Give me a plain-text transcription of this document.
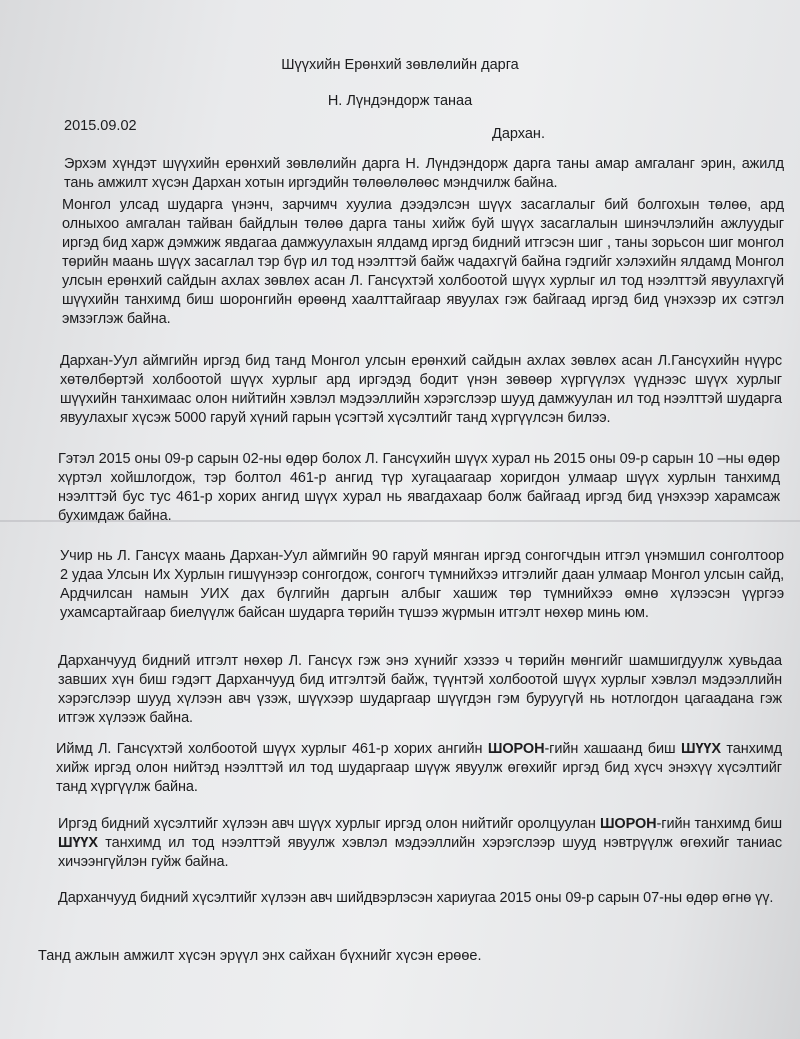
Шүүхийн Ерөнхий зөвлөлийн дарга
Н. Лүндэндорж танаа
2015.09.02	Дархан.

Эрхэм хүндэт шүүхийн ерөнхий зөвлөлийн дарга Н. Лүндэндорж дарга таны амар амгаланг эрин, ажилд тань амжилт хүсэн Дархан хотын иргэдийн төлөөлөлөөс мэндчилж байна.

Монгол улсад шударга үнэнч, зарчимч хуулиа дээдэлсэн шүүх засаглалыг бий болгохын төлөө, ард олныхоо амгалан тайван байдлын төлөө дарга таны хийж буй шүүх засаглалын шинэчлэлийн ажлуудыг иргэд бид харж дэмжиж явдагаа дамжуулахын ялдамд иргэд бидний итгэсэн шиг , таны зорьсон шиг монгол төрийн маань шүүх засаглал тэр бүр ил тод нээлттэй байж чадахгүй байна гэдгийг хэлэхийн ялдамд Монгол улсын ерөнхий сайдын ахлах зөвлөх асан Л. Гансүхтэй холбоотой шүүх хурлыг ил тод нээлттэй явуулахгүй шүүхийн танхимд биш шоронгийн өрөөнд хаалттайгаар явуулах гэж байгаад иргэд бид үнэхээр их сэтгэл эмзэглэж байна.

Дархан-Уул аймгийн иргэд бид танд Монгол улсын ерөнхий сайдын ахлах зөвлөх асан Л.Гансүхийн нүүрс хөтөлбөртэй холбоотой шүүх хурлыг ард иргэдэд бодит үнэн зөвөөр хүргүүлэх үүднээс шүүх хурлыг шүүхийн танхимаас олон нийтийн хэвлэл мэдээллийн хэрэгслээр шууд дамжуулан ил тод нээлттэй шударга явуулахыг хүсэж 5000 гаруй хүний гарын үсэгтэй хүсэлтийг танд хүргүүлсэн билээ.

Гэтэл 2015 оны 09-р сарын 02-ны өдөр болох Л. Гансүхийн шүүх хурал нь 2015 оны 09-р сарын 10 –ны өдөр хүртэл хойшлогдож, тэр болтол 461-р ангид түр хугацаагаар хоригдон улмаар шүүх хурлын танхимд нээлттэй бус тус 461-р хорих ангид шүүх хурал нь явагдахаар болж байгаад иргэд бид үнэхээр харамсаж бухимдаж байна.

Учир нь Л. Гансүх маань Дархан-Уул аймгийн 90 гаруй мянган иргэд сонгогчдын итгэл үнэмшил сонголтоор 2 удаа Улсын Их Хурлын гишүүнээр сонгогдож, сонгогч түмнийхээ итгэлийг даан улмаар Монгол улсын сайд, Ардчилсан намын УИХ дах бүлгийн даргын албыг хашиж төр түмнийхээ өмнө хүлээсэн үүргээ ухамсартайгаар биелүүлж байсан шударга төрийн түшээ жүрмын итгэлт нөхөр минь юм.

Дарханчууд бидний итгэлт нөхөр Л. Гансүх гэж энэ хүнийг хэзээ ч төрийн мөнгийг шамшигдуулж хувьдаа завших хүн биш гэдэгт Дарханчууд бид итгэлтэй байж, түүнтэй холбоотой шүүх хурлыг хэвлэл мэдээллийн хэрэгслээр шууд хүлээн авч үзэж, шүүхээр шударгаар шүүгдэн гэм буруугүй нь нотлогдон цагаадана гэж итгэж хүлээж байна.

Иймд Л. Гансүхтэй холбоотой шүүх хурлыг 461-р хорих ангийн ШОРОН-гийн хашаанд биш ШҮҮХ танхимд хийж иргэд олон нийтэд нээлттэй ил тод шударгаар шүүж явуулж өгөхийг иргэд бид хүсч энэхүү хүсэлтийг танд хүргүүлж байна.

Иргэд бидний хүсэлтийг хүлээн авч шүүх хурлыг иргэд олон нийтийг оролцуулан ШОРОН-гийн танхимд биш ШҮҮХ танхимд ил тод нээлттэй явуулж хэвлэл мэдээллийн хэрэгслээр шууд нэвтрүүлж өгөхийг таниас хичээнгүйлэн гуйж байна.

Дарханчууд бидний хүсэлтийг хүлээн авч шийдвэрлэсэн хариугаа 2015 оны 09-р сарын 07-ны өдөр өгнө үү.

Танд ажлын амжилт хүсэн эрүүл энх сайхан бүхнийг хүсэн ерөөе.
